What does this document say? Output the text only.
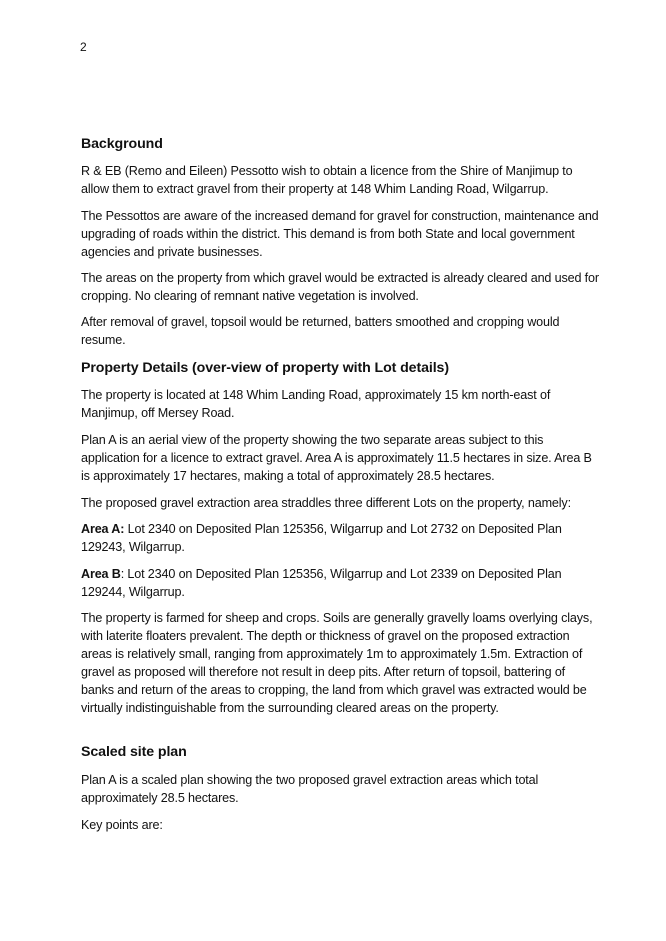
2
Background

R & EB (Remo and Eileen) Pessotto wish to obtain a licence from the Shire of Manjimup to allow them to extract gravel from their property at 148 Whim Landing Road, Wilgarrup.

The Pessottos are aware of the increased demand for gravel for construction, maintenance and upgrading of roads within the district. This demand is from both State and local government agencies and private businesses.

The areas on the property from which gravel would be extracted is already cleared and used for cropping. No clearing of remnant native vegetation is involved.

After removal of gravel, topsoil would be returned, batters smoothed and cropping would resume.

Property Details (over-view of property with Lot details)

The property is located at 148 Whim Landing Road, approximately 15 km north-east of Manjimup, off Mersey Road.

Plan A is an aerial view of the property showing the two separate areas subject to this application for a licence to extract gravel. Area A is approximately 11.5 hectares in size. Area B is approximately 17 hectares, making a total of approximately 28.5 hectares.

The proposed gravel extraction area straddles three different Lots on the property, namely:

Area A: Lot 2340 on Deposited Plan 125356, Wilgarrup and Lot 2732 on Deposited Plan 129243, Wilgarrup.

Area B: Lot 2340 on Deposited Plan 125356, Wilgarrup and Lot 2339 on Deposited Plan 129244, Wilgarrup.

The property is farmed for sheep and crops. Soils are generally gravelly loams overlying clays, with laterite floaters prevalent. The depth or thickness of gravel on the proposed extraction areas is relatively small, ranging from approximately 1m to approximately 1.5m. Extraction of gravel as proposed will therefore not result in deep pits. After return of topsoil, battering of banks and return of the areas to cropping, the land from which gravel was extracted would be virtually indistinguishable from the surrounding cleared areas on the property.

Scaled site plan

Plan A is a scaled plan showing the two proposed gravel extraction areas which total approximately 28.5 hectares.

Key points are:
